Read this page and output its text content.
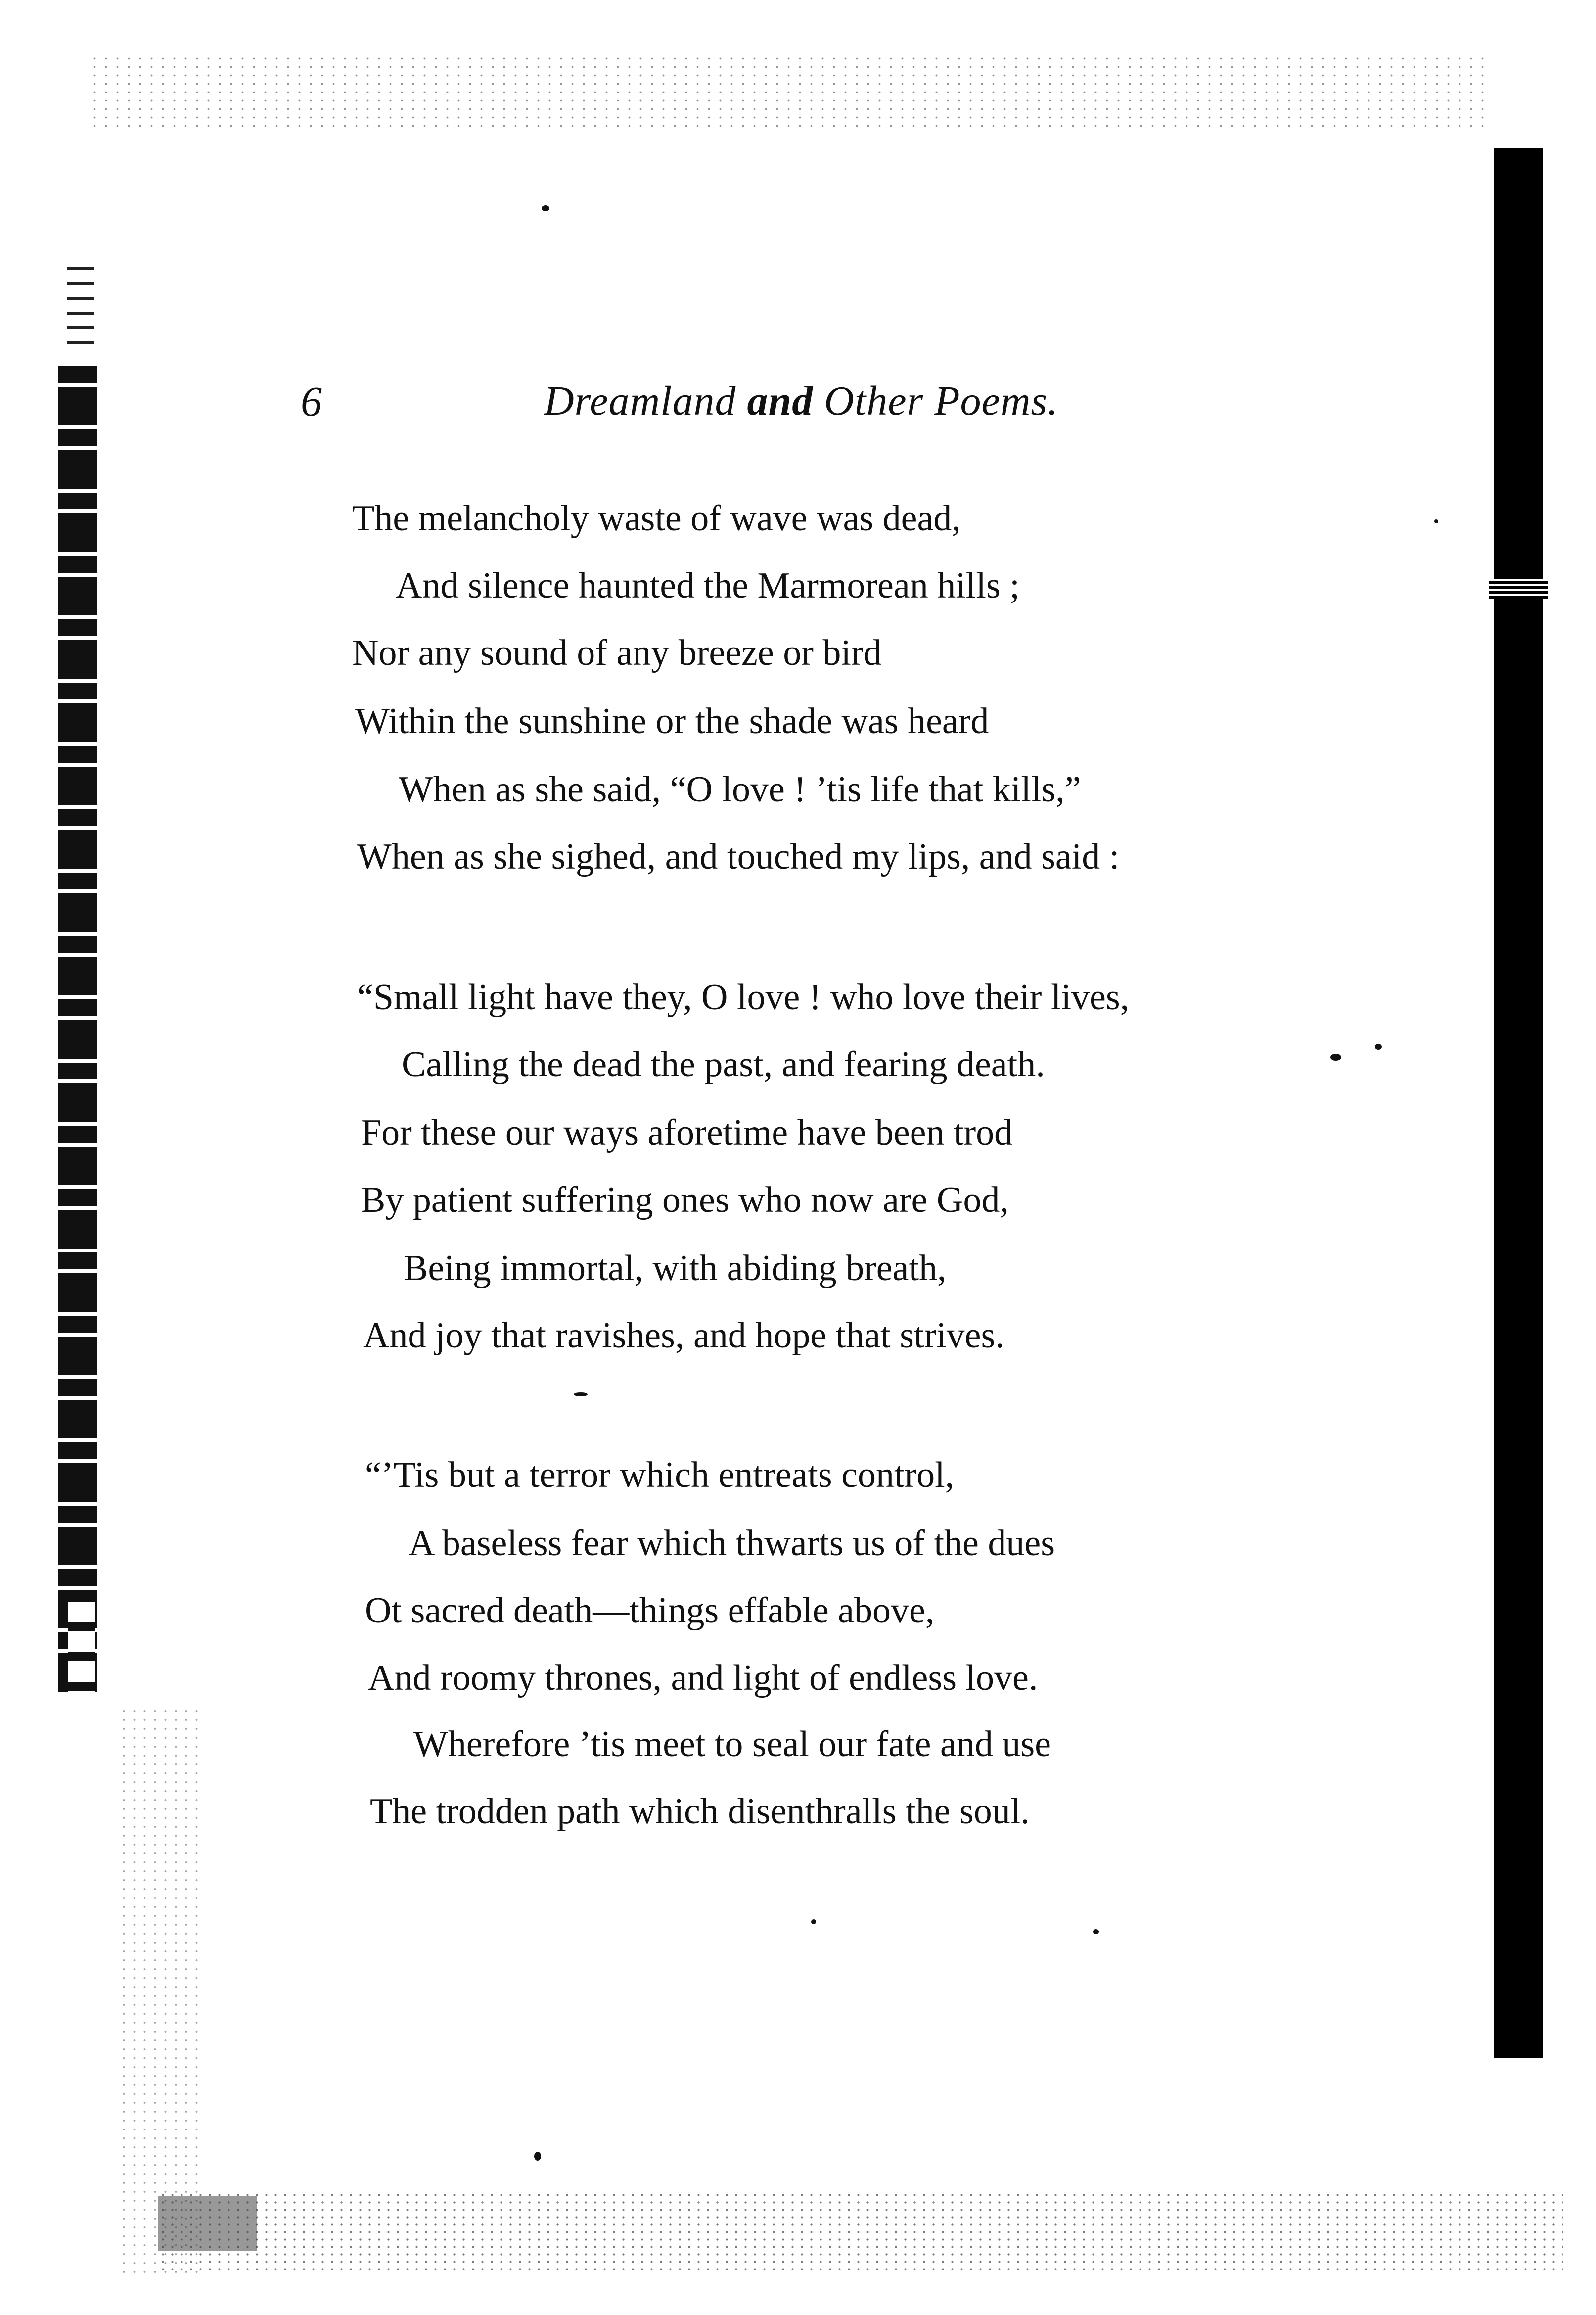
6	Dreamland and Other Poems.
The melancholy waste of wave was dead,
And silence haunted the Marmorean hills ;
Nor any sound of any breeze or bird
Within the sunshine or the shade was heard
When as she said, “O love ! ’tis life that kills,”
When as she sighed, and touched my lips, and said :
“Small light have they, O love ! who love their lives,
Calling the dead the past, and fearing death.
For these our ways aforetime have been trod
By patient suffering ones who now are God,
Being immortal, with abiding breath,
And joy that ravishes, and hope that strives.
“’Tis but a terror which entreats control,
A baseless fear which thwarts us of the dues
Ot sacred death—things effable above,
And roomy thrones, and light of endless love.
Wherefore ’tis meet to seal our fate and use
The trodden path which disenthralls the soul.
